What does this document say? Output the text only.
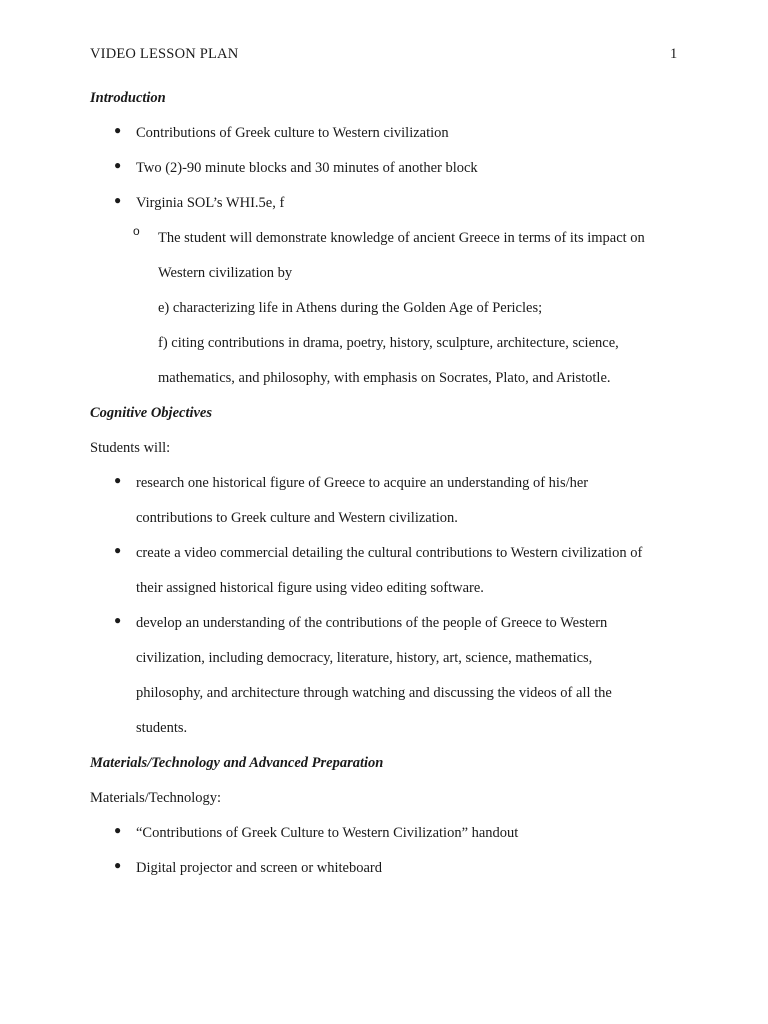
VIDEO LESSON PLAN	1
Introduction
● Contributions of Greek culture to Western civilization
● Two (2)-90 minute blocks and 30 minutes of another block
● Virginia SOL’s WHI.5e, f
o The student will demonstrate knowledge of ancient Greece in terms of its impact on
Western civilization by
e) characterizing life in Athens during the Golden Age of Pericles;
f) citing contributions in drama, poetry, history, sculpture, architecture, science,
mathematics, and philosophy, with emphasis on Socrates, Plato, and Aristotle.
Cognitive Objectives
Students will:
● research one historical figure of Greece to acquire an understanding of his/her
contributions to Greek culture and Western civilization.
● create a video commercial detailing the cultural contributions to Western civilization of
their assigned historical figure using video editing software.
● develop an understanding of the contributions of the people of Greece to Western
civilization, including democracy, literature, history, art, science, mathematics,
philosophy, and architecture through watching and discussing the videos of all the
students.
Materials/Technology and Advanced Preparation
Materials/Technology:
● “Contributions of Greek Culture to Western Civilization” handout
● Digital projector and screen or whiteboard
